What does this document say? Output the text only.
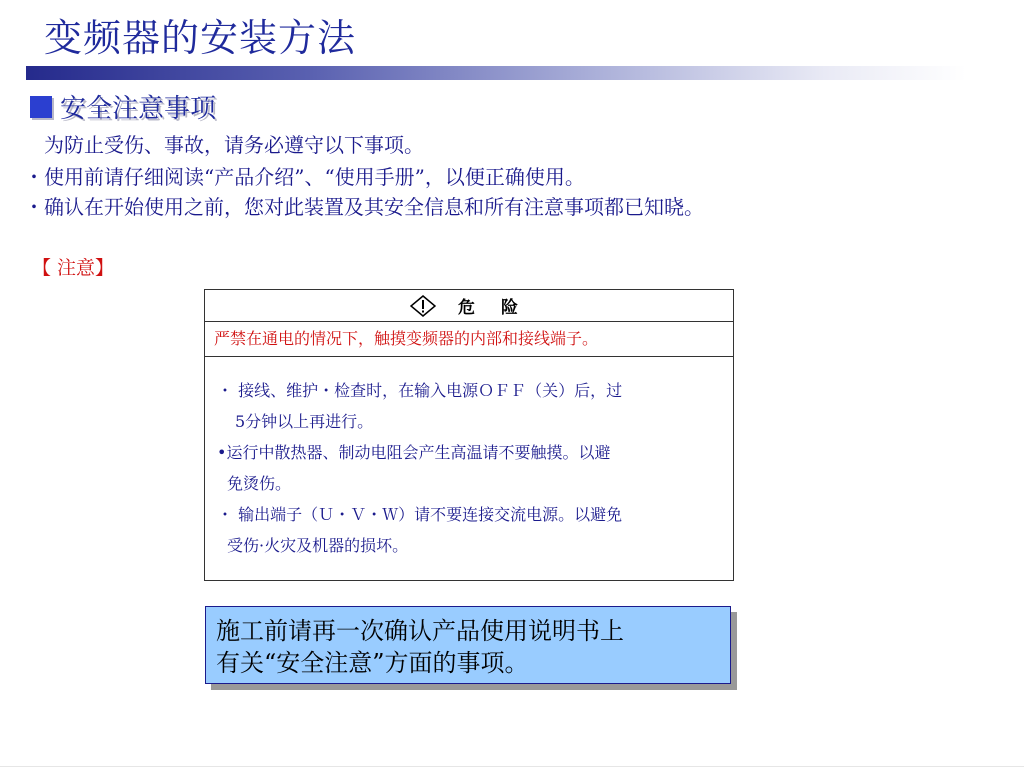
变频器的安装方法
安全注意事项
为防止受伤、事故，请务必遵守以下事项。
・使用前请仔细阅读“产品介绍”、“使用手册”，以便正确使用。
・确认在开始使用之前，您对此装置及其安全信息和所有注意事项都已知晓。
【 注意】
危 险
严禁在通电的情况下，触摸变频器的内部和接线端子。
・ 接线、维护・检查时，在输入电源ＯＦＦ（关）后，过
5分钟以上再进行。
•运行中散热器、制动电阻会产生高温请不要触摸。以避
免烫伤。
・ 输出端子（Ｕ・Ｖ・Ｗ）请不要连接交流电源。以避免
受伤·火灾及机器的损坏。
施工前请再一次确认产品使用说明书上
有关“安全注意”方面的事项。
